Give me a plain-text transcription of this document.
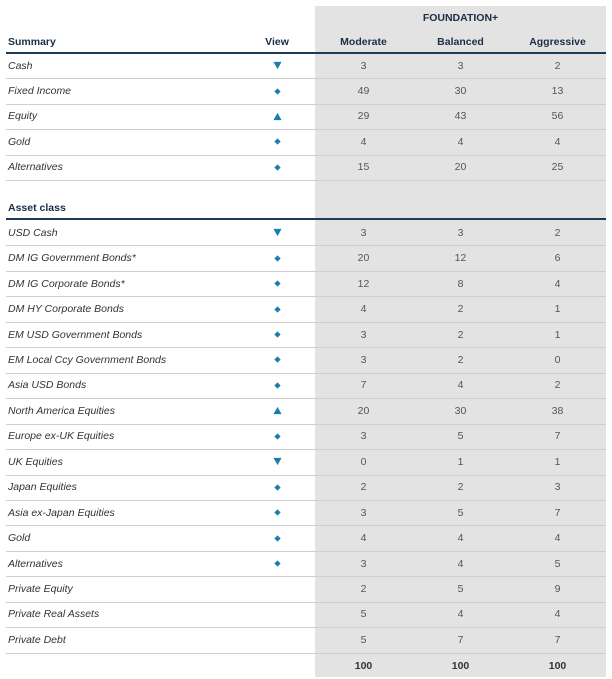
FOUNDATION+
Summary	View	Moderate	Balanced	Aggressive
Cash	3	3	2
Fixed Income	49	30	13
Equity	29	43	56
Gold	4	4	4
Alternatives	15	20	25
Asset class
USD Cash	3	3	2
DM IG Government Bonds*	20	12	6
DM IG Corporate Bonds*	12	8	4
DM HY Corporate Bonds	4	2	1
EM USD Government Bonds	3	2	1
EM Local Ccy Government Bonds	3	2	0
Asia USD Bonds	7	4	2
North America Equities	20	30	38
Europe ex-UK Equities	3	5	7
UK Equities	0	1	1
Japan Equities	2	2	3
Asia ex-Japan Equities	3	5	7
Gold	4	4	4
Alternatives	3	4	5
Private Equity	2	5	9
Private Real Assets	5	4	4
Private Debt	5	7	7
100	100	100
